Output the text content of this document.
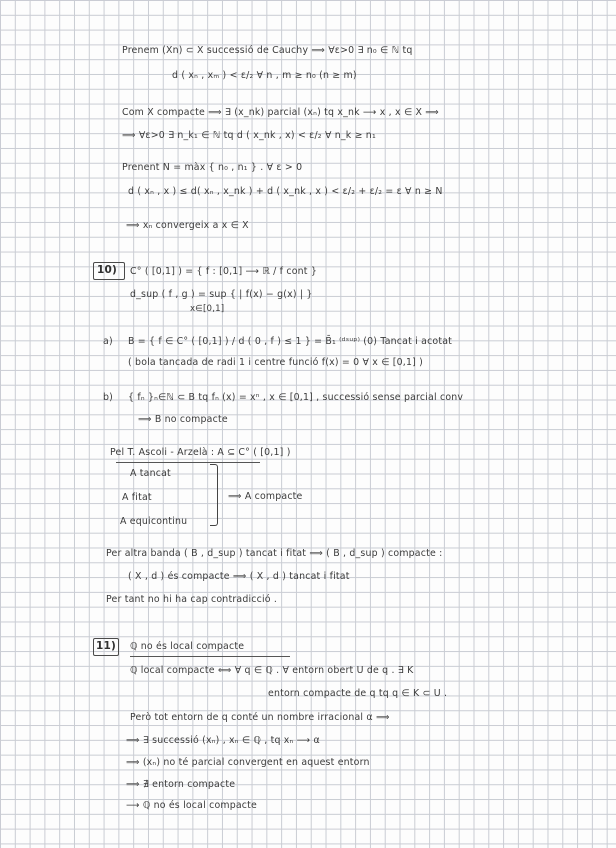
Prenem (Xn) ⊂ X successió de Cauchy ⟹ ∀ε>0 ∃ n₀ ∈ ℕ tq
d ( xₙ , xₘ ) < ε/₂ ∀ n , m ≥ n₀ (n ≥ m)
Com X compacte ⟹ ∃ (x_nk) parcial (xₙ) tq x_nk ⟶ x , x ∈ X ⟹
⟹ ∀ε>0 ∃ n_k₁ ∈ ℕ tq d ( x_nk , x) < ε/₂ ∀ n_k ≥ n₁
Prenent N = màx { n₀ , n₁ } . ∀ ε > 0
d ( xₙ , x ) ≤ d( xₙ , x_nk ) + d ( x_nk , x ) < ε/₂ + ε/₂ = ε ∀ n ≥ N
⟹ xₙ convergeix a x ∈ X
10) C° ( [0,1] ) = { f : [0,1] ⟶ ℝ / f cont }
d_sup ( f , g ) = sup { | f(x) − g(x) | }
x∈[0,1]
a) B = { f ∈ C° ( [0,1] ) / d ( 0 , f ) ≤ 1 } = B̄₁ ⁽ᵈˢᵘᵖ⁾ (0) Tancat i acotat
( bola tancada de radi 1 i centre funció f(x) = 0 ∀ x ∈ [0,1] )
b) { fₙ }ₙ∈ℕ ⊂ B tq fₙ (x) = xⁿ , x ∈ [0,1] , successió sense parcial conv
⟹ B no compacte
Pel T. Ascoli - Arzelà : A ⊆ C° ( [0,1] )
A tancat
A fitat	⟹ A compacte
A equicontinu
Per altra banda ( B , d_sup ) tancat i fitat ⟹ ( B , d_sup ) compacte :
( X , d ) és compacte ⟹ ( X , d ) tancat i fitat
Per tant no hi ha cap contradicció .
11) ℚ no és local compacte
ℚ local compacte ⟺ ∀ q ∈ ℚ . ∀ entorn obert U de q . ∃ K
entorn compacte de q tq q ∈ K ⊂ U .
Però tot entorn de q conté un nombre irracional α ⟹
⟹ ∃ successió (xₙ) , xₙ ∈ ℚ , tq xₙ ⟶ α
⟹ (xₙ) no té parcial convergent en aquest entorn
⟹ ∄ entorn compacte
⟶ ℚ no és local compacte
